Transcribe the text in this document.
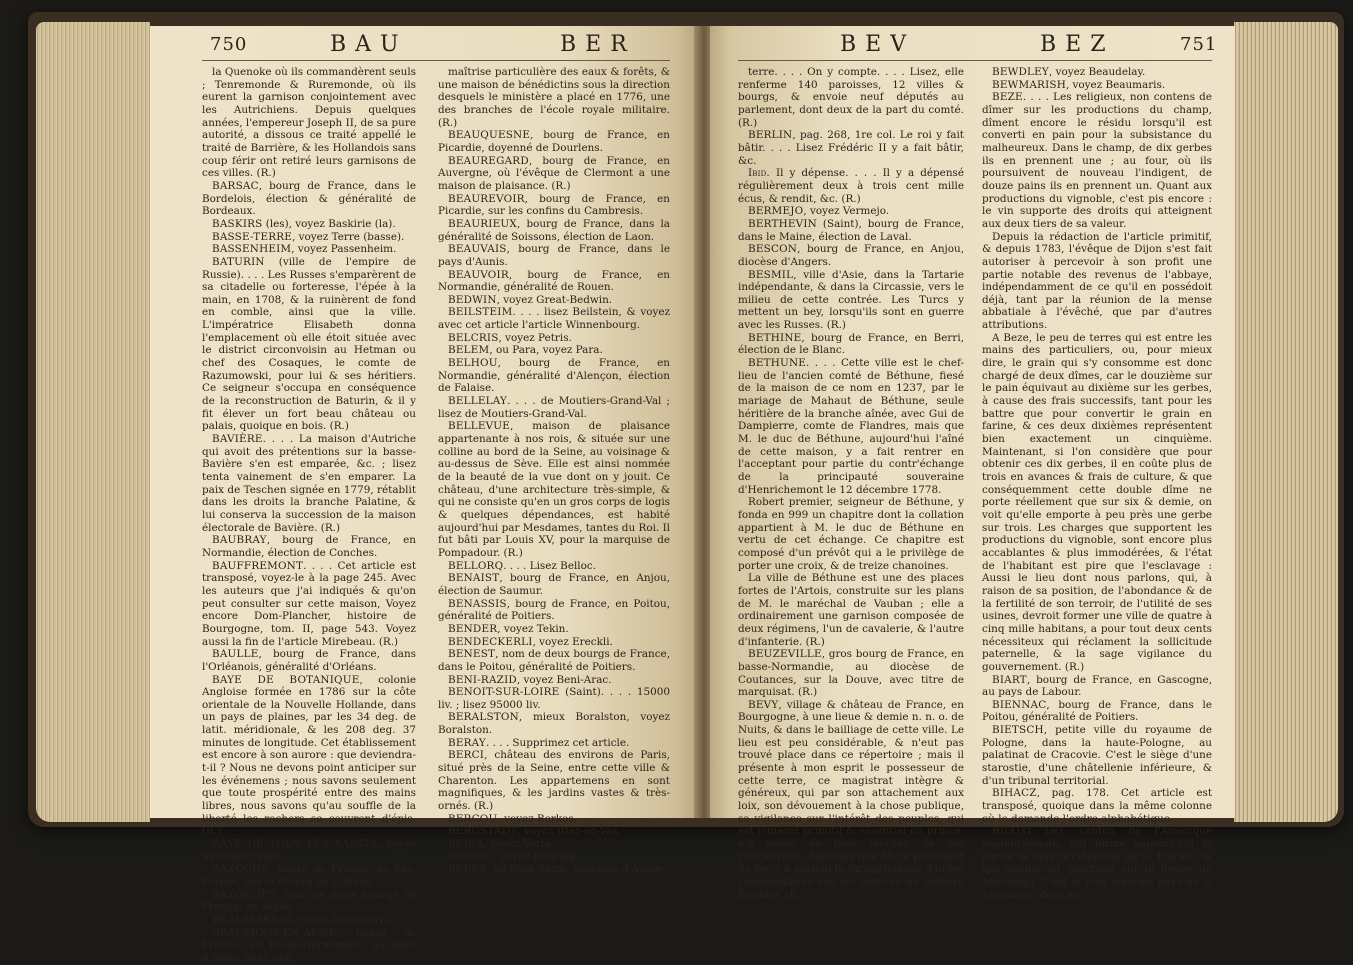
750	BAU	BER

la Quenoke où ils commandèrent seuls ; Tenremonde & Ruremonde, où ils eurent la garnison conjointement avec les Autrichiens. Depuis quelques années, l'empereur Joseph II, de sa pure autorité, a dissous ce traité appellé le traité de Barrière, & les Hollandois sans coup férir ont retiré leurs garnisons de ces villes. (R.)

BARSAC, bourg de France, dans le Bordelois, élection & généralité de Bordeaux.

BASKIRS (les), voyez Baskirie (la).

BASSE-TERRE, voyez Terre (basse).

BASSENHEIM, voyez Passenheim.

BATURIN (ville de l'empire de Russie). . . . Les Russes s'emparèrent de sa citadelle ou forteresse, l'épée à la main, en 1708, & la ruinèrent de fond en comble, ainsi que la ville. L'impératrice Elisabeth donna l'emplacement où elle étoit située avec le district circonvoisin au Hetman ou chef des Cosaques, le comte de Razumowski, pour lui & ses héritiers. Ce seigneur s'occupa en conséquence de la reconstruction de Baturin, & il y fit élever un fort beau château ou palais, quoique en bois. (R.)

BAVIÈRE. . . . La maison d'Autriche qui avoit des prétentions sur la basse-Bavière s'en est emparée, &c. ; lisez tenta vainement de s'en emparer. La paix de Teschen signée en 1779, rétablit dans les droits la branche Palatine, & lui conserva la succession de la maison électorale de Bavière. (R.)

BAUBRAY, bourg de France, en Normandie, élection de Conches.

BAUFFREMONT. . . . Cet article est transposé, voyez-le à la page 245. Avec les auteurs que j'ai indiqués & qu'on peut consulter sur cette maison, Voyez encore Dom-Plancher, histoire de Bourgogne, tom. II, page 543. Voyez aussi la fin de l'article Mirebeau. (R.)

BAULLE, bourg de France, dans l'Orléanois, généralité d'Orléans.

BAYE DE BOTANIQUE, colonie Angloise formée en 1786 sur la côte orientale de la Nouvelle Hollande, dans un pays de plaines, par les 34 deg. de latit. méridionale, & les 208 deg. 37 minutes de longitude. Cet établissement est encore à son aurore : que deviendra-t-il ? Nous ne devons point anticiper sur les événemens ; nous savons seulement que toute prospérité entre des mains libres, nous savons qu'au souffle de la liberté les rochers se couvrent d'épis. (R.)

BAYE DE TOUS LES SAINTS, voyez Salvador (San).

BAZOCHE, bourg de France, au bas-Perche, sur la rivière de Coitron.

BAZOUGES, nom de deux bourgs de France, en Anjou.

BEAUMARICH, voyez Beaumaris.

BEAUMONT-EN-AUGE, bourg de France, en basse-Normandie, au pays d'Auge, avec une

maîtrise particulière des eaux & forêts, & une maison de bénédictins sous la direction desquels le ministère a placé en 1776, une des branches de l'école royale militaire. (R.)

BEAUQUESNE, bourg de France, en Picardie, doyenné de Dourlens.

BEAUREGARD, bourg de France, en Auvergne, où l'évêque de Clermont a une maison de plaisance. (R.)

BEAUREVOIR, bourg de France, en Picardie, sur les confins du Cambresis.

BEAURIEUX, bourg de France, dans la généralité de Soissons, élection de Laon.

BEAUVAIS, bourg de France, dans le pays d'Aunis.

BEAUVOIR, bourg de France, en Normandie, généralité de Rouen.

BEDWIN, voyez Great-Bedwin.

BEILSTEIM. . . . lisez Beilstein, & voyez avec cet article l'article Winnenbourg.

BELCRIS, voyez Petris.

BELEM, ou Para, voyez Para.

BELHOU, bourg de France, en Normandie, généralité d'Alençon, élection de Falaise.

BELLELAY. . . . de Moutiers-Grand-Val ; lisez de Moutiers-Grand-Val.

BELLEVUE, maison de plaisance appartenante à nos rois, & située sur une colline au bord de la Seine, au voisinage & au-dessus de Sève. Elle est ainsi nommée de la beauté de la vue dont on y jouit. Ce château, d'une architecture très-simple, & qui ne consiste qu'en un gros corps de logis & quelques dépendances, est habité aujourd'hui par Mesdames, tantes du Roi. Il fut bâti par Louis XV, pour la marquise de Pompadour. (R.)

BELLORQ. . . . Lisez Belloc.

BENAIST, bourg de France, en Anjou, élection de Saumur.

BENASSIS, bourg de France, en Poitou, généralité de Poitiers.

BENDER, voyez Tekin.

BENDECKERLI, voyez Ereckli.

BENEST, nom de deux bourgs de France, dans le Poitou, généralité de Poitiers.

BENI-RAZID, voyez Beni-Arac.

BENOIT-SUR-LOIRE (Saint). . . . 15000 liv. ; lisez 95000 liv.

BERALSTON, mieux Boralston, voyez Boralston.

BERAY. . . . Supprimez cet article.

BERCI, château des environs de Paris, situé près de la Seine, entre cette ville & Charenton. Les appartemens en sont magnifiques, & les jardins vastes & très-ornés. (R.)

BERCOU, voyez Borkos.

BERGSTADT, voyez Itter-en-Vas.

BERIA, voyez Veria.

BERING, voyez Behring.

BERKS, ou Berk-Shire, province d'Angle-

BEV	BEZ	751

terre. . . . On y compte. . . . Lisez, elle renferme 140 paroisses, 12 villes & bourgs, & envoie neuf députés au parlement, dont deux de la part du comté. (R.)

BERLIN, pag. 268, 1re col. Le roi y fait bâtir. . . . Lisez Frédéric II y a fait bâtir, &c.

Ibid. Il y dépense. . . . Il y a dépensé régulièrement deux à trois cent mille écus, & rendit, &c. (R.)

BERMEJO, voyez Vermejo.

BERTHEVIN (Saint), bourg de France, dans le Maine, élection de Laval.

BESCON, bourg de France, en Anjou, diocèse d'Angers.

BESMIL, ville d'Asie, dans la Tartarie indépendante, & dans la Circassie, vers le milieu de cette contrée. Les Turcs y mettent un bey, lorsqu'ils sont en guerre avec les Russes. (R.)

BETHINE, bourg de France, en Berri, élection de le Blanc.

BETHUNE. . . . Cette ville est le chef-lieu de l'ancien comté de Béthune, fiesé de la maison de ce nom en 1237, par le mariage de Mahaut de Béthune, seule héritière de la branche aînée, avec Gui de Dampierre, comte de Flandres, mais que M. le duc de Béthune, aujourd'hui l'aîné de cette maison, y a fait rentrer en l'acceptant pour partie du contr'échange de la principauté souveraine d'Henrichemont le 12 décembre 1778.

Robert premier, seigneur de Béthune, y fonda en 999 un chapitre dont la collation appartient à M. le duc de Béthune en vertu de cet échange. Ce chapitre est composé d'un prévôt qui a le privilège de porter une croix, & de treize chanoines.

La ville de Béthune est une des places fortes de l'Artois, construite sur les plans de M. le maréchal de Vauban ; elle a ordinairement une garnison composée de deux régimens, l'un de cavalerie, & l'autre d'infanterie. (R.)

BEUZEVILLE, gros bourg de France, en basse-Normandie, au diocèse de Coutances, sur la Douve, avec titre de marquisat. (R.)

BEVY, village & château de France, en Bourgogne, à une lieue & demie n. n. o. de Nuits, & dans le bailliage de cette ville. Le lieu est peu considérable, & n'eut pas trouvé place dans ce répertoire ; mais il présente à mon esprit le possesseur de cette terre, ce magistrat intègre & généreux, qui par son attachement aux loix, son dévouement à la chose publique, sa vigilance sur l'intérêt des peuples, qui est l'intérêt primitif & essentiel du prince, n'a cessé de bien mériter de ses concitoyens. Ajoutons que M. le président de Bevy a enrichi la jurisprudence d'utiles commentaires sur les œuvres du célèbre Bouhier. (R.)

BEWDLEY, voyez Beaudelay.

BEWMARISH, voyez Beaumaris.

BEZE. . . . Les religieux, non contens de dîmer sur les productions du champ, dîment encore le résidu lorsqu'il est converti en pain pour la subsistance du malheureux. Dans le champ, de dix gerbes ils en prennent une ; au four, où ils poursuivent de nouveau l'indigent, de douze pains ils en prennent un. Quant aux productions du vignoble, c'est pis encore : le vin supporte des droits qui atteignent aux deux tiers de sa valeur.

Depuis la rédaction de l'article primitif, & depuis 1783, l'évêque de Dijon s'est fait autoriser à percevoir à son profit une partie notable des revenus de l'abbaye, indépendamment de ce qu'il en possédoit déjà, tant par la réunion de la mense abbatiale à l'évêché, que par d'autres attributions.

A Beze, le peu de terres qui est entre les mains des particuliers, ou, pour mieux dire, le grain qui s'y consomme est donc chargé de deux dîmes, car le douzième sur le pain équivaut au dixième sur les gerbes, à cause des frais successifs, tant pour les battre que pour convertir le grain en farine, & ces deux dixièmes représentent bien exactement un cinquième. Maintenant, si l'on considère que pour obtenir ces dix gerbes, il en coûte plus de trois en avances & frais de culture, & que conséquemment cette double dîme ne porte réellement que sur six & demie, on voit qu'elle emporte à peu près une gerbe sur trois. Les charges que supportent les productions du vignoble, sont encore plus accablantes & plus immodérées, & l'état de l'habitant est pire que l'esclavage : Aussi le lieu dont nous parlons, qui, à raison de sa position, de l'abondance & de la fertilité de son terroir, de l'utilité de ses usines, devroit former une ville de quatre à cinq mille habitans, a pour tout deux cents nécessiteux qui réclament la sollicitude paternelle, & la sage vigilance du gouvernement. (R.)

BIART, bourg de France, en Gascogne, au pays de Labour.

BIENNAC, bourg de France, dans le Poitou, généralité de Poitiers.

BIETSCH, petite ville du royaume de Pologne, dans la haute-Pologne, au palatinat de Cracovie. C'est le siège d'une starostie, d'une châtellenie inférieure, & d'un tribunal territorial.

BIHACZ, pag. 178. Cet article est transposé, quoique dans la même colonne où le demande l'ordre alphabétique.

BILOXI (le), canton de l'Amérique septentrionale, qui forme aujourd'hui la partie la plus occidentale de la Floride, & qui appuie au couchant sur le fleuve de Mississipi. C'est le plus mauvais pays de la Louisiane, dont les
